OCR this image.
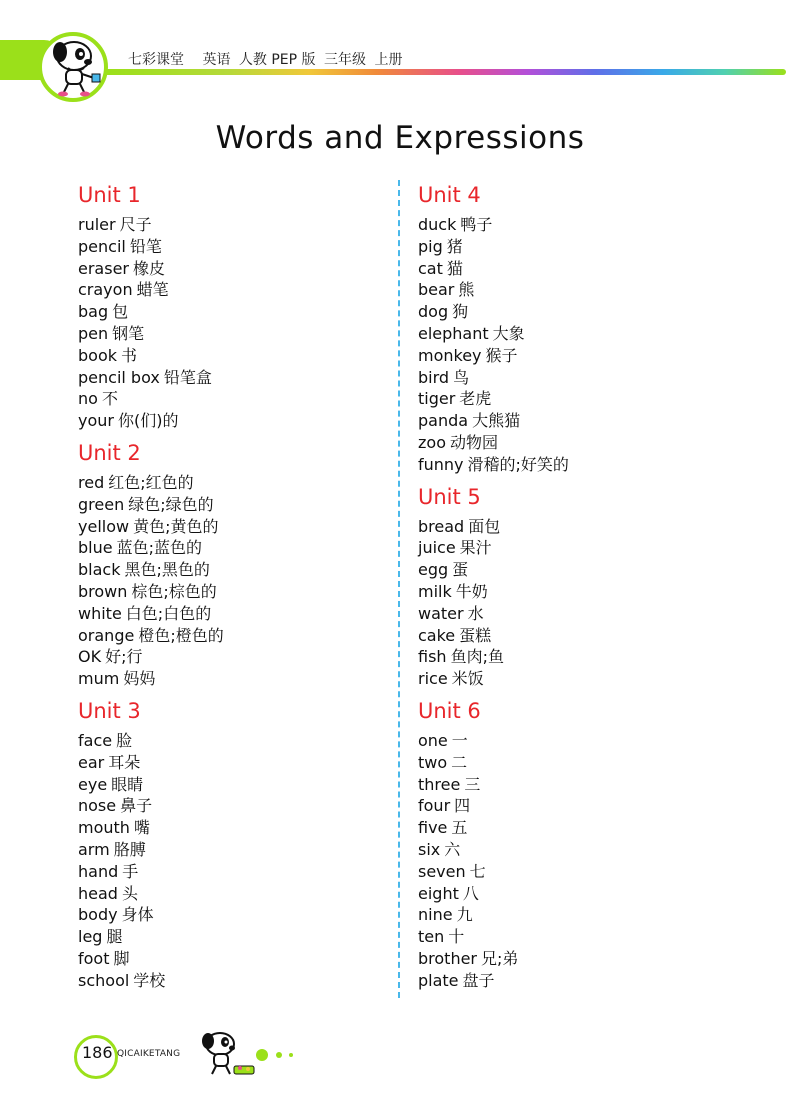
七彩课堂 英语 人教 PEP 版 三年级 上册
Words and Expressions
Unit 1
ruler 尺子
pencil 铅笔
eraser 橡皮
crayon 蜡笔
bag 包
pen 钢笔
book 书
pencil box 铅笔盒
no 不
your 你(们)的
Unit 2
red 红色;红色的
green 绿色;绿色的
yellow 黄色;黄色的
blue 蓝色;蓝色的
black 黑色;黑色的
brown 棕色;棕色的
white 白色;白色的
orange 橙色;橙色的
OK 好;行
mum 妈妈
Unit 3
face 脸
ear 耳朵
eye 眼睛
nose 鼻子
mouth 嘴
arm 胳膊
hand 手
head 头
body 身体
leg 腿
foot 脚
school 学校
Unit 4
duck 鸭子
pig 猪
cat 猫
bear 熊
dog 狗
elephant 大象
monkey 猴子
bird 鸟
tiger 老虎
panda 大熊猫
zoo 动物园
funny 滑稽的;好笑的
Unit 5
bread 面包
juice 果汁
egg 蛋
milk 牛奶
water 水
cake 蛋糕
fish 鱼肉;鱼
rice 米饭
Unit 6
one 一
two 二
three 三
four 四
five 五
six 六
seven 七
eight 八
nine 九
ten 十
brother 兄;弟
plate 盘子
186 QICAIKETANG
